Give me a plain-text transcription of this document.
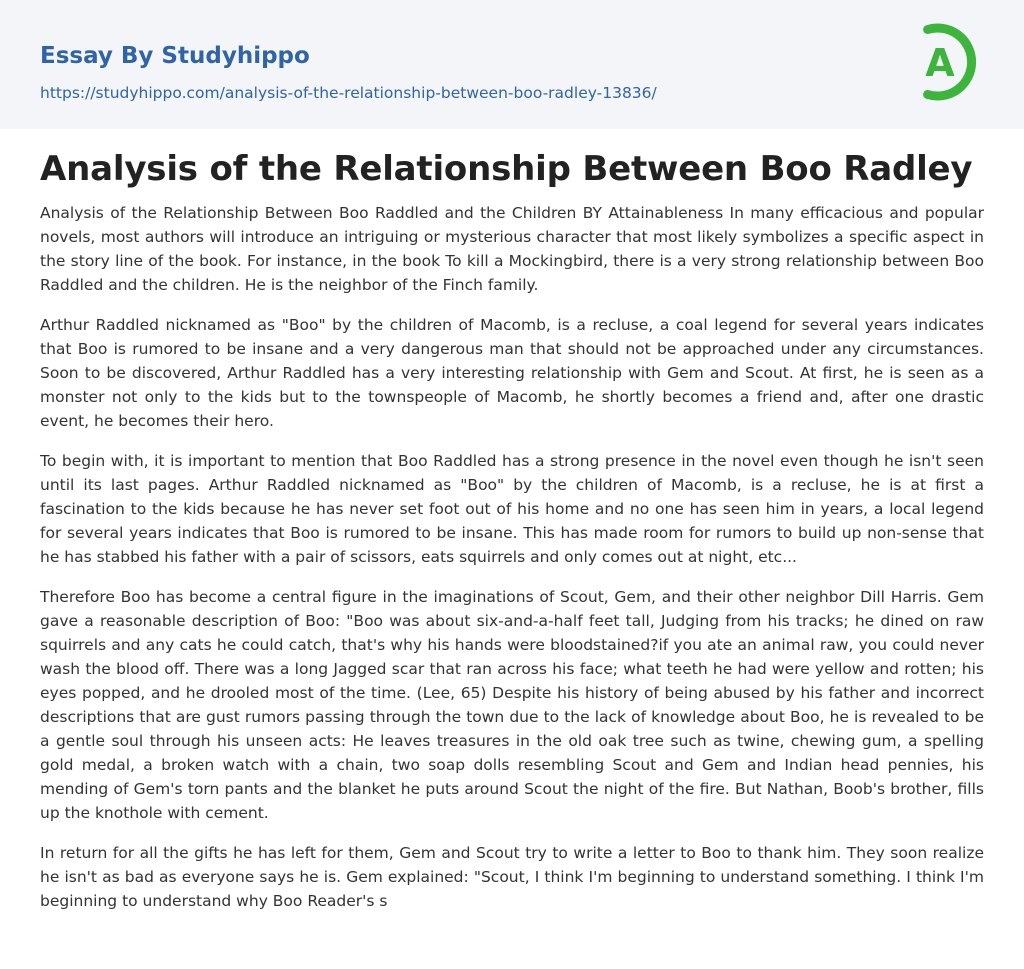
Essay By Studyhippo
https://studyhippo.com/analysis-of-the-relationship-between-boo-radley-13836/
A
Analysis of the Relationship Between Boo Radley

Analysis of the Relationship Between Boo Raddled and the Children BY Attainableness In many efficacious and popular novels, most authors will introduce an intriguing or mysterious character that most likely symbolizes a specific aspect in the story line of the book. For instance, in the book To kill a Mockingbird, there is a very strong relationship between Boo Raddled and the children. He is the neighbor of the Finch family.

Arthur Raddled nicknamed as "Boo" by the children of Macomb, is a recluse, a coal legend for several years indicates that Boo is rumored to be insane and a very dangerous man that should not be approached under any circumstances. Soon to be discovered, Arthur Raddled has a very interesting relationship with Gem and Scout. At first, he is seen as a monster not only to the kids but to the townspeople of Macomb, he shortly becomes a friend and, after one drastic event, he becomes their hero.

To begin with, it is important to mention that Boo Raddled has a strong presence in the novel even though he isn't seen until its last pages. Arthur Raddled nicknamed as "Boo" by the children of Macomb, is a recluse, he is at first a fascination to the kids because he has never set foot out of his home and no one has seen him in years, a local legend for several years indicates that Boo is rumored to be insane. This has made room for rumors to build up non-sense that he has stabbed his father with a pair of scissors, eats squirrels and only comes out at night, etc...

Therefore Boo has become a central figure in the imaginations of Scout, Gem, and their other neighbor Dill Harris. Gem gave a reasonable description of Boo: "Boo was about six-and-a-half feet tall, Judging from his tracks; he dined on raw squirrels and any cats he could catch, that's why his hands were bloodstained?if you ate an animal raw, you could never wash the blood off. There was a long Jagged scar that ran across his face; what teeth he had were yellow and rotten; his eyes popped, and he drooled most of the time. (Lee, 65) Despite his history of being abused by his father and incorrect descriptions that are gust rumors passing through the town due to the lack of knowledge about Boo, he is revealed to be a gentle soul through his unseen acts: He leaves treasures in the old oak tree such as twine, chewing gum, a spelling gold medal, a broken watch with a chain, two soap dolls resembling Scout and Gem and Indian head pennies, his mending of Gem's torn pants and the blanket he puts around Scout the night of the fire. But Nathan, Boob's brother, fills up the knothole with cement.

In return for all the gifts he has left for them, Gem and Scout try to write a letter to Boo to thank him. They soon realize he isn't as bad as everyone says he is. Gem explained: "Scout, I think I'm beginning to understand something. I think I'm beginning to understand why Boo Reader's s
